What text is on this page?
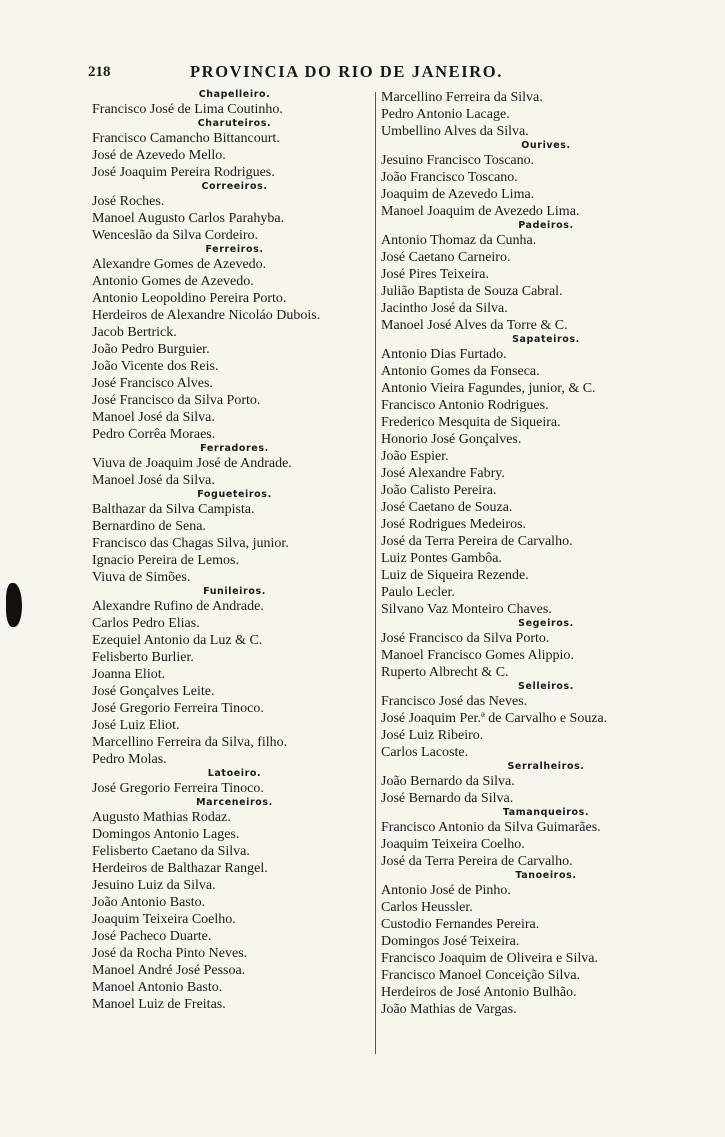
218	PROVINCIA DO RIO DE JANEIRO.
Chapelleiro.
Francisco José de Lima Coutinho.
Charuteiros.
Francisco Camancho Bittancourt.
José de Azevedo Mello.
José Joaquim Pereira Rodrigues.
Correeiros.
José Roches.
Manoel Augusto Carlos Parahyba.
Wenceslão da Silva Cordeiro.
Ferreiros.
Alexandre Gomes de Azevedo.
Antonio Gomes de Azevedo.
Antonio Leopoldino Pereira Porto.
Herdeiros de Alexandre Nicoláo Dubois.
Jacob Bertrick.
João Pedro Burguier.
João Vicente dos Reis.
José Francisco Alves.
José Francisco da Silva Porto.
Manoel José da Silva.
Pedro Corrêa Moraes.
Ferradores.
Viuva de Joaquim José de Andrade.
Manoel José da Silva.
Fogueteiros.
Balthazar da Silva Campista.
Bernardino de Sena.
Francisco das Chagas Silva, junior.
Ignacio Pereira de Lemos.
Viuva de Simões.
Funileiros.
Alexandre Rufino de Andrade.
Carlos Pedro Elias.
Ezequiel Antonio da Luz & C.
Felisberto Burlier.
Joanna Eliot.
José Gonçalves Leite.
José Gregorio Ferreira Tinoco.
José Luiz Eliot.
Marcellino Ferreira da Silva, filho.
Pedro Molas.
Latoeiro.
José Gregorio Ferreira Tinoco.
Marceneiros.
Augusto Mathias Rodaz.
Domingos Antonio Lages.
Felisberto Caetano da Silva.
Herdeiros de Balthazar Rangel.
Jesuino Luiz da Silva.
João Antonio Basto.
Joaquim Teixeira Coelho.
José Pacheco Duarte.
José da Rocha Pinto Neves.
Manoel André José Pessoa.
Manoel Antonio Basto.
Manoel Luiz de Freitas.
Marcellino Ferreira da Silva.
Pedro Antonio Lacage.
Umbellino Alves da Silva.
Ourives.
Jesuino Francisco Toscano.
João Francisco Toscano.
Joaquim de Azevedo Lima.
Manoel Joaquim de Avezedo Lima.
Padeiros.
Antonio Thomaz da Cunha.
José Caetano Carneiro.
José Pires Teixeira.
Julião Baptista de Souza Cabral.
Jacintho José da Silva.
Manoel José Alves da Torre & C.
Sapateiros.
Antonio Dias Furtado.
Antonio Gomes da Fonseca.
Antonio Vieira Fagundes, junior, & C.
Francisco Antonio Rodrigues.
Frederico Mesquita de Siqueira.
Honorio José Gonçalves.
João Espier.
José Alexandre Fabry.
João Calisto Pereira.
José Caetano de Souza.
José Rodrigues Medeiros.
José da Terra Pereira de Carvalho.
Luiz Pontes Gambôa.
Luiz de Siqueira Rezende.
Paulo Lecler.
Silvano Vaz Monteiro Chaves.
Segeiros.
José Francisco da Silva Porto.
Manoel Francisco Gomes Alippio.
Ruperto Albrecht & C.
Selleiros.
Francisco José das Neves.
José Joaquim Per.ª de Carvalho e Souza.
José Luiz Ribeiro.
Carlos Lacoste.
Serralheiros.
João Bernardo da Silva.
José Bernardo da Silva.
Tamanqueiros.
Francisco Antonio da Silva Guimarães.
Joaquim Teixeira Coelho.
José da Terra Pereira de Carvalho.
Tanoeiros.
Antonio José de Pinho.
Carlos Heussler.
Custodio Fernandes Pereira.
Domingos José Teixeira.
Francisco Joaquim de Oliveira e Silva.
Francisco Manoel Conceição Silva.
Herdeiros de José Antonio Bulhão.
João Mathias de Vargas.
